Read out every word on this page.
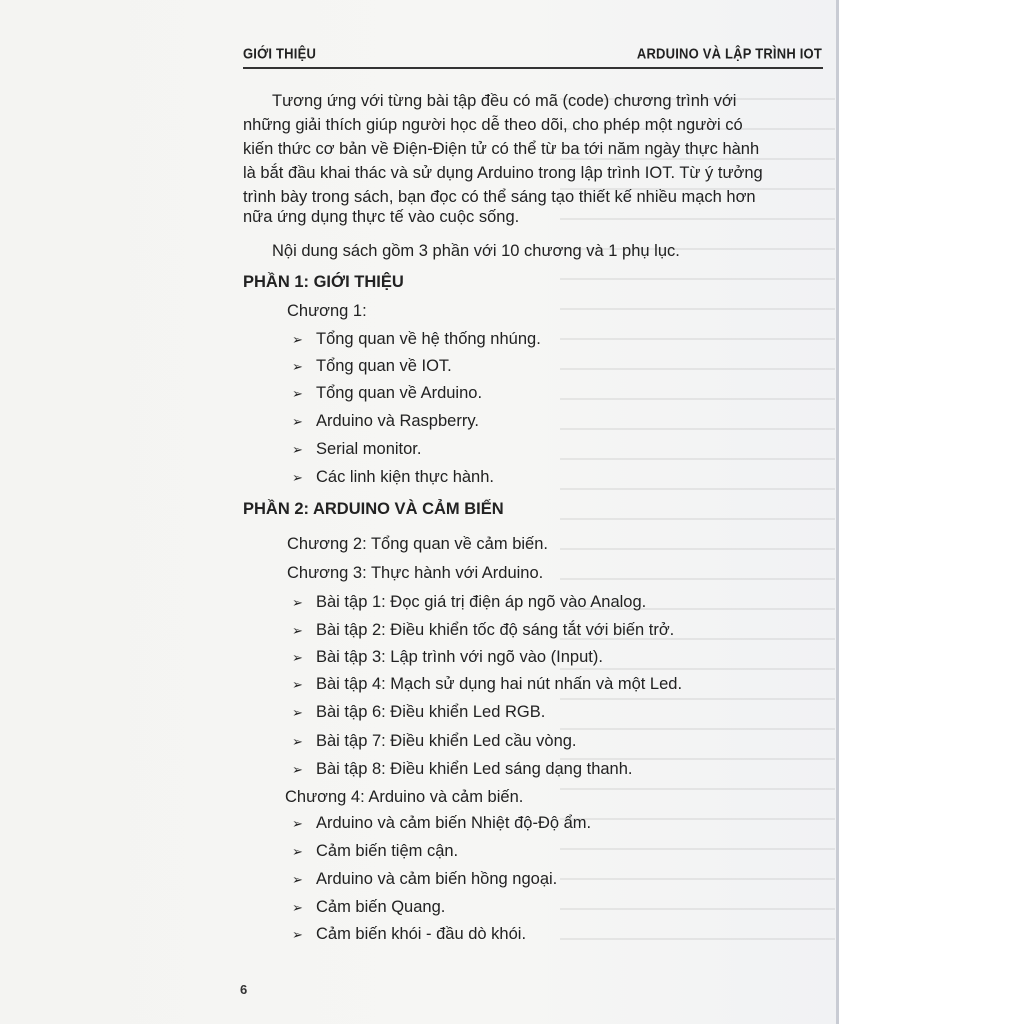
GIỚI THIỆU	ARDUINO VÀ LẬP TRÌNH IOT
Tương ứng với từng bài tập đều có mã (code) chương trình với
những giải thích giúp người học dễ theo dõi, cho phép một người có
kiến thức cơ bản về Điện-Điện tử có thể từ ba tới năm ngày thực hành
là bắt đầu khai thác và sử dụng Arduino trong lập trình IOT. Từ ý tưởng
trình bày trong sách, bạn đọc có thể sáng tạo thiết kế nhiều mạch hơn
nữa ứng dụng thực tế vào cuộc sống.
Nội dung sách gồm 3 phần với 10 chương và 1 phụ lục.
PHẦN 1: GIỚI THIỆU
Chương 1:
➢ Tổng quan về hệ thống nhúng.
➢ Tổng quan về IOT.
➢ Tổng quan về Arduino.
➢ Arduino và Raspberry.
➢ Serial monitor.
➢ Các linh kiện thực hành.
PHẦN 2: ARDUINO VÀ CẢM BIẾN
Chương 2: Tổng quan về cảm biến.
Chương 3: Thực hành với Arduino.
➢ Bài tập 1: Đọc giá trị điện áp ngõ vào Analog.
➢ Bài tập 2: Điều khiển tốc độ sáng tắt với biến trở.
➢ Bài tập 3: Lập trình với ngõ vào (Input).
➢ Bài tập 4: Mạch sử dụng hai nút nhấn và một Led.
➢ Bài tập 6: Điều khiển Led RGB.
➢ Bài tập 7: Điều khiển Led cầu vòng.
➢ Bài tập 8: Điều khiển Led sáng dạng thanh.
Chương 4: Arduino và cảm biến.
➢ Arduino và cảm biến Nhiệt độ-Độ ẩm.
➢ Cảm biến tiệm cận.
➢ Arduino và cảm biến hồng ngoại.
➢ Cảm biến Quang.
➢ Cảm biến khói - đầu dò khói.
6
